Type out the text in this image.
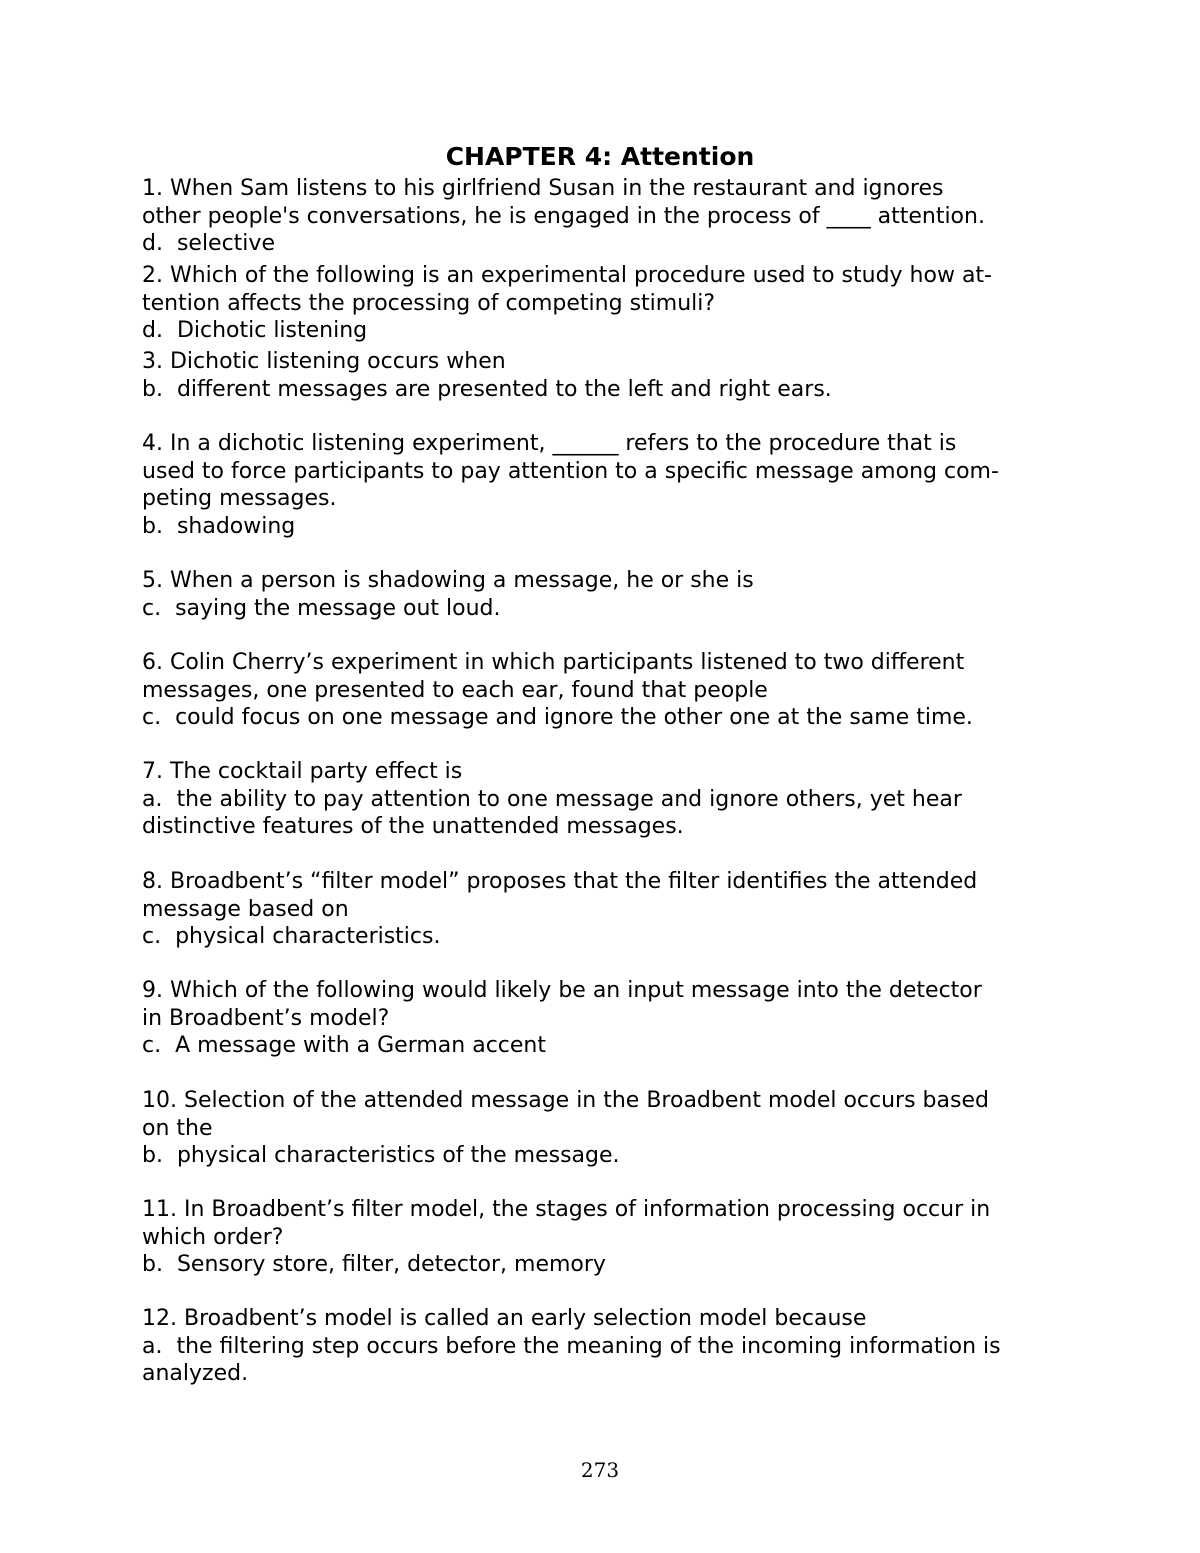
CHAPTER 4: Attention
1. When Sam listens to his girlfriend Susan in the restaurant and ignores
other people's conversations, he is engaged in the process of ____ attention.
d.  selective
2. Which of the following is an experimental procedure used to study how at-
tention affects the processing of competing stimuli?
d.  Dichotic listening
3. Dichotic listening occurs when
b.  different messages are presented to the left and right ears.
4. In a dichotic listening experiment, ______ refers to the procedure that is
used to force participants to pay attention to a specific message among com-
peting messages.
b.  shadowing
5. When a person is shadowing a message, he or she is
c.  saying the message out loud.
6. Colin Cherry’s experiment in which participants listened to two different
messages, one presented to each ear, found that people
c.  could focus on one message and ignore the other one at the same time.
7. The cocktail party effect is
a.  the ability to pay attention to one message and ignore others, yet hear
distinctive features of the unattended messages.
8. Broadbent’s “filter model” proposes that the filter identifies the attended
message based on
c.  physical characteristics.
9. Which of the following would likely be an input message into the detector
in Broadbent’s model?
c.  A message with a German accent
10. Selection of the attended message in the Broadbent model occurs based
on the
b.  physical characteristics of the message.
11. In Broadbent’s filter model, the stages of information processing occur in
which order?
b.  Sensory store, filter, detector, memory
12. Broadbent’s model is called an early selection model because
a.  the filtering step occurs before the meaning of the incoming information is
analyzed.
273
